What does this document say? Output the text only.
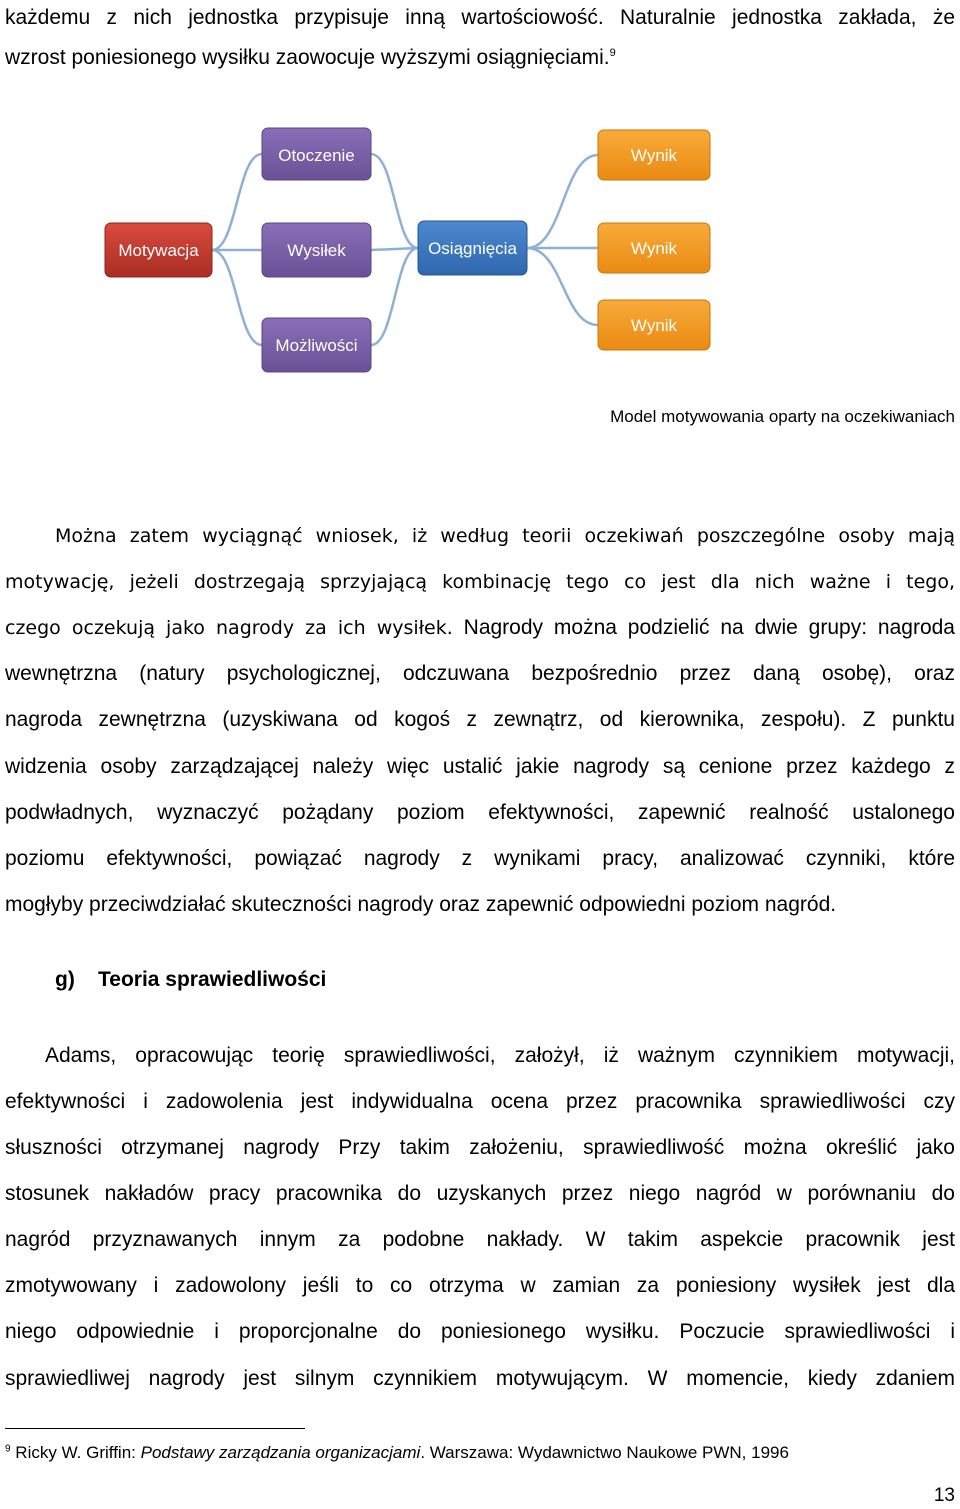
każdemu z nich jednostka przypisuje inną wartościowość. Naturalnie jednostka zakłada, że
wzrost poniesionego wysiłku zaowocuje wyższymi osiągnięciami.$^9$
Otoczenie
Motywacja	Wysiłek
Możliwości
Osiągnięcia
Wynik
Wynik
Wynik
Model motywowania oparty na oczekiwaniach
Można zatem wyciągnąć wniosek, iż według teorii oczekiwań poszczególne osoby mają
motywację, jeżeli dostrzegają sprzyjającą kombinację tego co jest dla nich ważne i tego,
czego oczekują jako nagrody za ich wysiłek. Nagrody można podzielić na dwie grupy: nagroda
wewnętrzna (natury psychologicznej, odczuwana bezpośrednio przez daną osobę), oraz
nagroda zewnętrzna (uzyskiwana od kogoś z zewnątrz, od kierownika, zespołu). Z punktu
widzenia osoby zarządzającej należy więc ustalić jakie nagrody są cenione przez każdego z
podwładnych, wyznaczyć pożądany poziom efektywności, zapewnić realność ustalonego
poziomu efektywności, powiązać nagrody z wynikami pracy, analizować czynniki, które
mogłyby przeciwdziałać skuteczności nagrody oraz zapewnić odpowiedni poziom nagród.
g) Teoria sprawiedliwości
Adams, opracowując teorię sprawiedliwości, założył, iż ważnym czynnikiem motywacji,
efektywności i zadowolenia jest indywidualna ocena przez pracownika sprawiedliwości czy
słuszności otrzymanej nagrody Przy takim założeniu, sprawiedliwość można określić jako
stosunek nakładów pracy pracownika do uzyskanych przez niego nagród w porównaniu do
nagród przyznawanych innym za podobne nakłady. W takim aspekcie pracownik jest
zmotywowany i zadowolony jeśli to co otrzyma w zamian za poniesiony wysiłek jest dla
niego odpowiednie i proporcjonalne do poniesionego wysiłku. Poczucie sprawiedliwości i
sprawiedliwej nagrody jest silnym czynnikiem motywującym. W momencie, kiedy zdaniem
$^9$ Ricky W. Griffin: Podstawy zarządzania organizacjami. Warszawa: Wydawnictwo Naukowe PWN, 1996
13
